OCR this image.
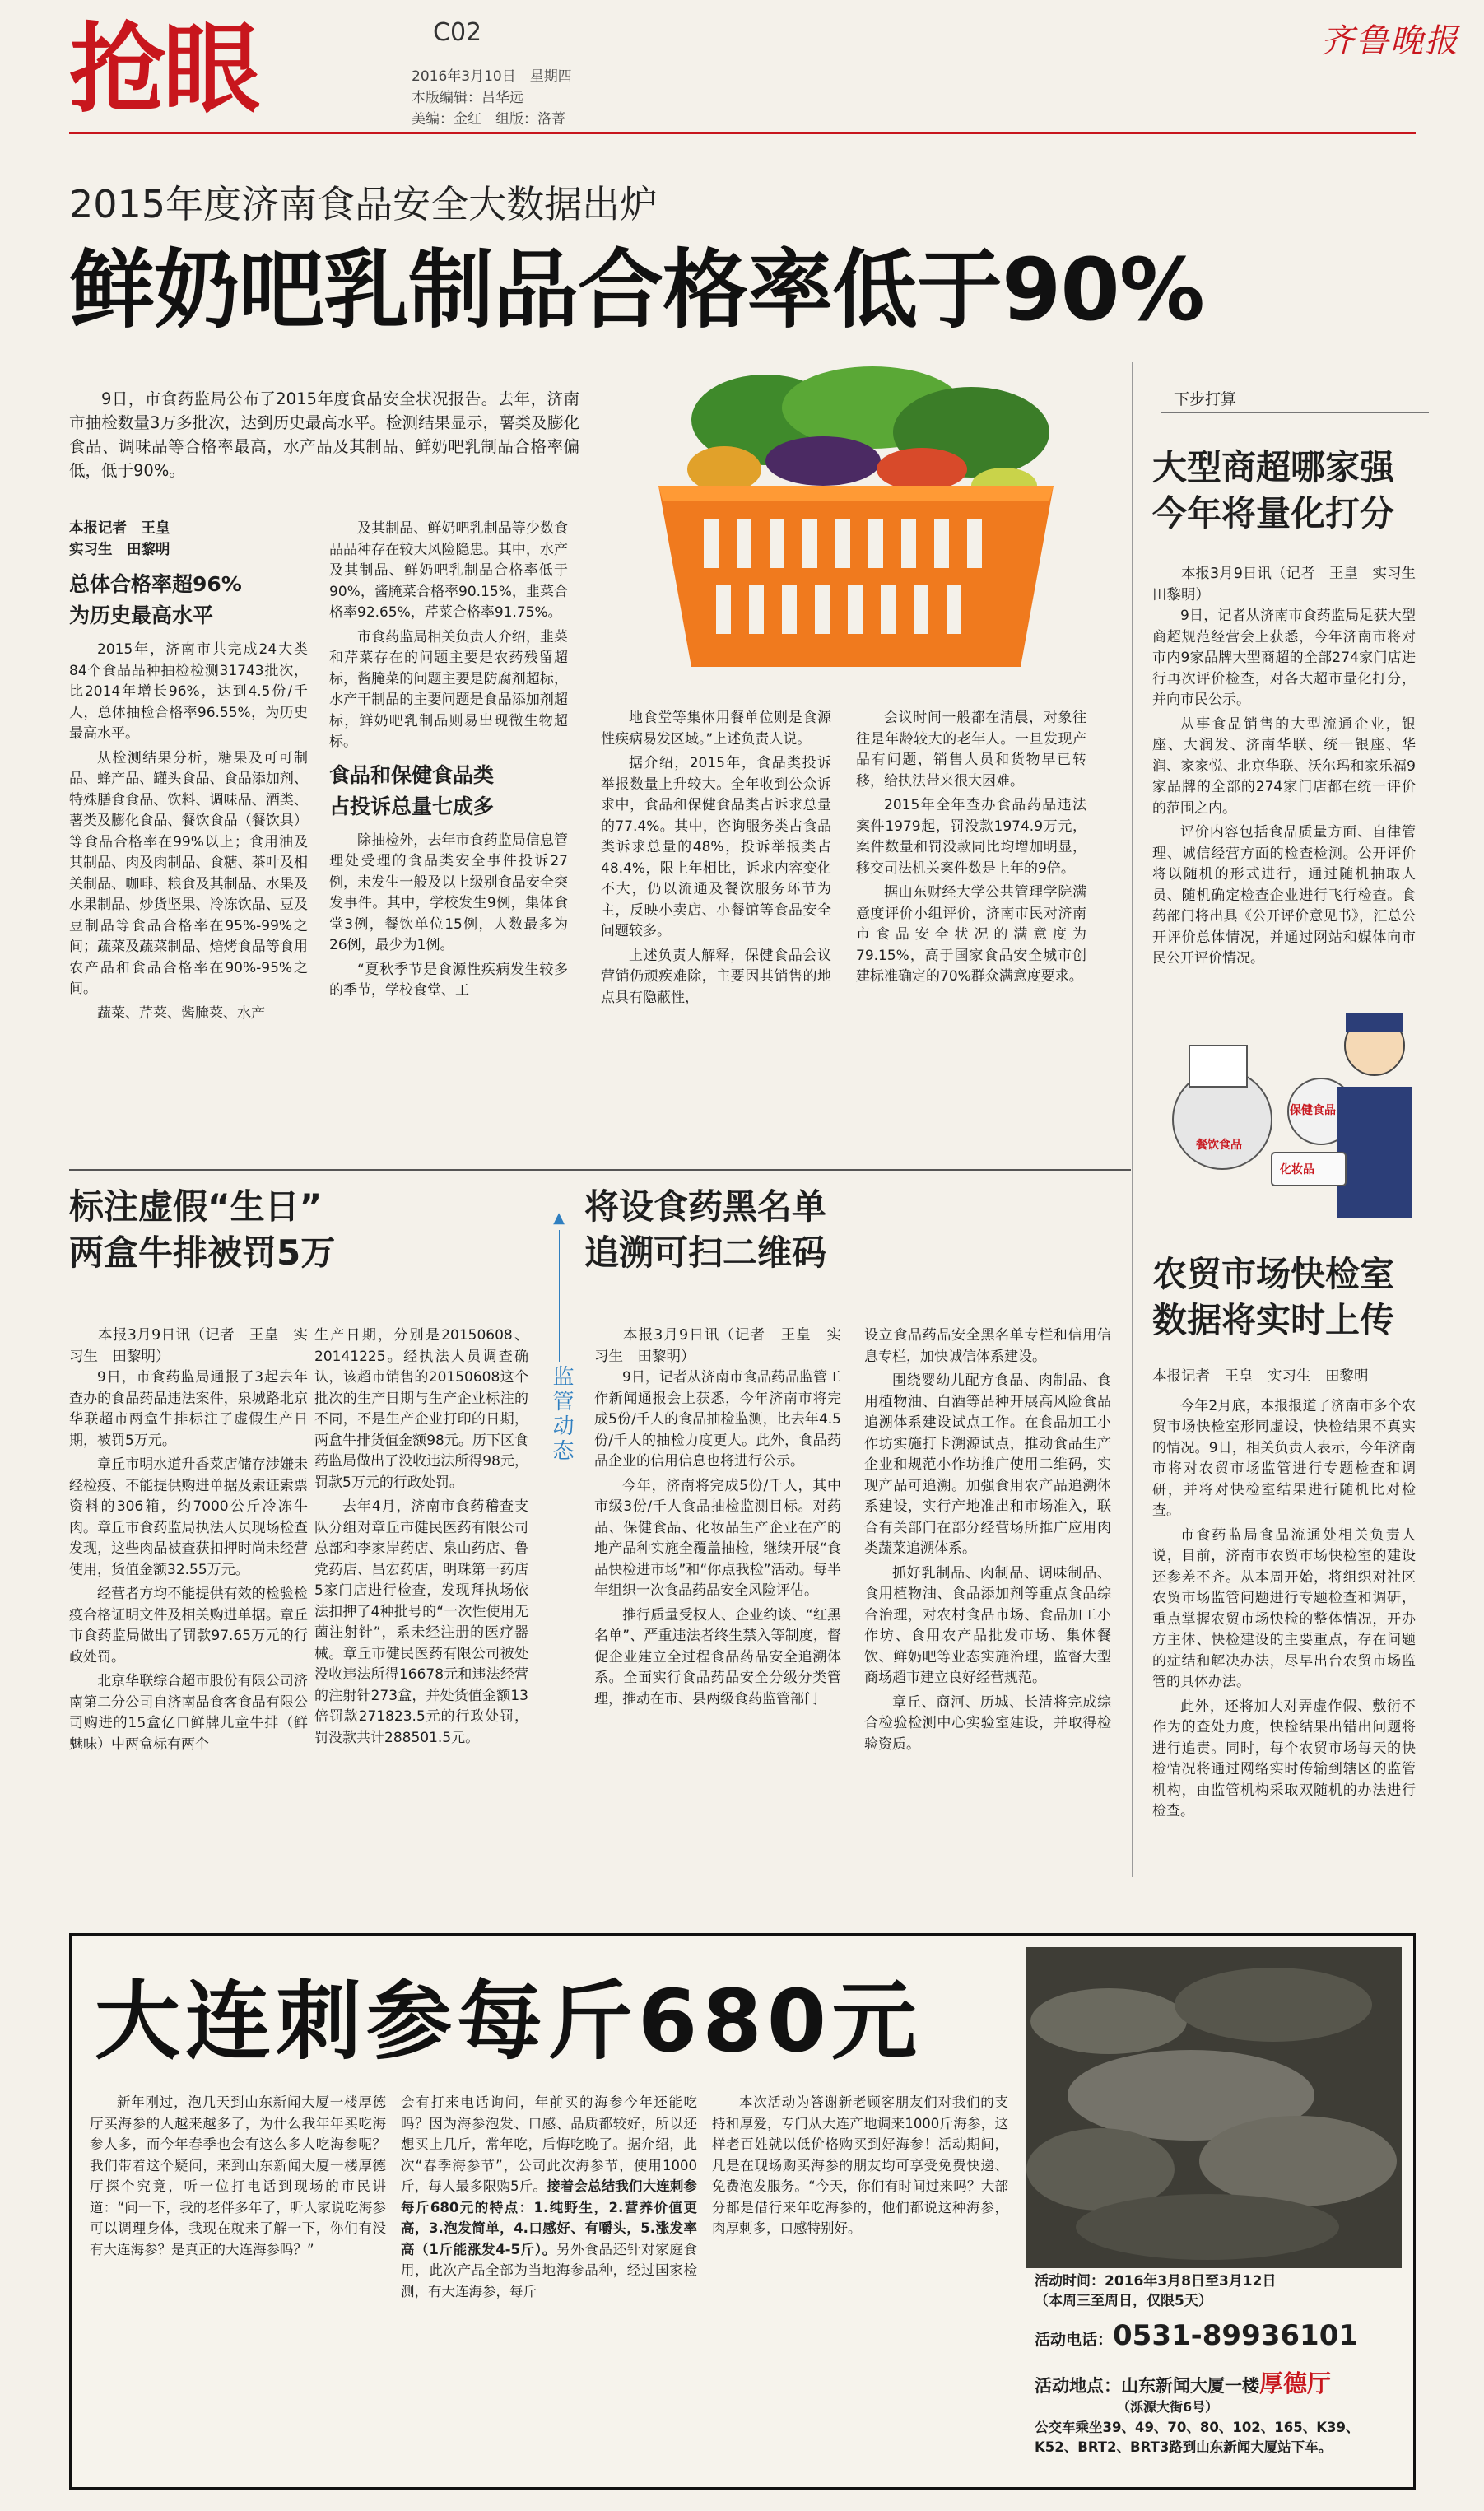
抢眼	C02
2016年3月10日　星期四
本版编辑：吕华远
美编：金红　组版：洛菁
齐鲁晚报
2015年度济南食品安全大数据出炉
鲜奶吧乳制品合格率低于90%

9日，市食药监局公布了2015年度食品安全状况报告。去年，济南市抽检数量3万多批次，达到历史最高水平。检测结果显示，薯类及膨化食品、调味品等合格率最高，水产品及其制品、鲜奶吧乳制品合格率偏低，低于90%。

本报记者　王皇
实习生　田黎明

总体合格率超96%
为历史最高水平

2015年，济南市共完成24大类84个食品品种抽检检测31743批次，比2014年增长96%，达到4.5份/千人，总体抽检合格率96.55%，为历史最高水平。

从检测结果分析，糖果及可可制品、蜂产品、罐头食品、食品添加剂、特殊膳食食品、饮料、调味品、酒类、薯类及膨化食品、餐饮食品（餐饮具）等食品合格率在99%以上；食用油及其制品、肉及肉制品、食糖、茶叶及相关制品、咖啡、粮食及其制品、水果及水果制品、炒货坚果、冷冻饮品、豆及豆制品等食品合格率在95%-99%之间；蔬菜及蔬菜制品、焙烤食品等食用农产品和食品合格率在90%-95%之间。

蔬菜、芹菜、酱腌菜、水产

及其制品、鲜奶吧乳制品等少数食品品种存在较大风险隐患。其中，水产及其制品、鲜奶吧乳制品合格率低于90%，酱腌菜合格率90.15%，韭菜合格率92.65%，芹菜合格率91.75%。

市食药监局相关负责人介绍，韭菜和芹菜存在的问题主要是农药残留超标，酱腌菜的问题主要是防腐剂超标，水产干制品的主要问题是食品添加剂超标，鲜奶吧乳制品则易出现微生物超标。

食品和保健食品类
占投诉总量七成多

除抽检外，去年市食药监局信息管理处受理的食品类安全事件投诉27例，未发生一般及以上级别食品安全突发事件。其中，学校发生9例，集体食堂3例，餐饮单位15例，人数最多为26例，最少为1例。

“夏秋季节是食源性疾病发生较多的季节，学校食堂、工

地食堂等集体用餐单位则是食源性疾病易发区域。”上述负责人说。

据介绍，2015年，食品类投诉举报数量上升较大。全年收到公众诉求中，食品和保健食品类占诉求总量的77.4%。其中，咨询服务类占食品类诉求总量的48%，投诉举报类占48.4%，限上年相比，诉求内容变化不大，仍以流通及餐饮服务环节为主，反映小卖店、小餐馆等食品安全问题较多。

上述负责人解释，保健食品会议营销仍顽疾难除，主要因其销售的地点具有隐蔽性，

会议时间一般都在清晨，对象往往是年龄较大的老年人。一旦发现产品有问题，销售人员和货物早已转移，给执法带来很大困难。

2015年全年查办食品药品违法案件1979起，罚没款1974.9万元，案件数量和罚没款同比均增加明显，移交司法机关案件数是上年的9倍。

据山东财经大学公共管理学院满意度评价小组评价，济南市民对济南市食品安全状况的满意度为79.15%，高于国家食品安全城市创建标准确定的70%群众满意度要求。

下步打算
大型商超哪家强
今年将量化打分

本报3月9日讯（记者　王皇　实习生　田黎明）

9日，记者从济南市食药监局足获大型商超规范经营会上获悉，今年济南市将对市内9家品牌大型商超的全部274家门店进行再次评价检查，对各大超市量化打分，并向市民公示。

从事食品销售的大型流通企业，银座、大润发、济南华联、统一银座、华润、家家悦、北京华联、沃尔玛和家乐福9家品牌的全部的274家门店都在统一评价的范围之内。

评价内容包括食品质量方面、自律管理、诚信经营方面的检查检测。公开评价将以随机的形式进行，通过随机抽取人员、随机确定检查企业进行飞行检查。食药部门将出具《公开评价意见书》，汇总公开评价总体情况，并通过网站和媒体向市民公开评价情况。

保健食品
餐饮食品
化妆品
农贸市场快检室
数据将实时上传

本报记者　王皇　实习生　田黎明

今年2月底，本报报道了济南市多个农贸市场快检室形同虚设，快检结果不真实的情况。9日，相关负责人表示，今年济南市将对农贸市场监管进行专题检查和调研，并将对快检室结果进行随机比对检查。

市食药监局食品流通处相关负责人说，目前，济南市农贸市场快检室的建设还参差不齐。从本周开始，将组织对社区农贸市场监管问题进行专题检查和调研，重点掌握农贸市场快检的整体情况，开办方主体、快检建设的主要重点，存在问题的症结和解决办法，尽早出台农贸市场监管的具体办法。

此外，还将加大对弄虚作假、敷衍不作为的查处力度，快检结果出错出问题将进行追责。同时，每个农贸市场每天的快检情况将通过网络实时传输到辖区的监管机构，由监管机构采取双随机的办法进行检查。

标注虚假“生日”
两盒牛排被罚5万

本报3月9日讯（记者　王皇　实习生　田黎明）

9日，市食药监局通报了3起去年查办的食品药品违法案件，泉城路北京华联超市两盒牛排标注了虚假生产日期，被罚5万元。

章丘市明水道升香菜店储存涉嫌未经检疫、不能提供购进单据及索证索票资料的306箱，约7000公斤冷冻牛肉。章丘市食药监局执法人员现场检查发现，这些肉品被查获扣押时尚未经营使用，货值金额32.55万元。

经营者方均不能提供有效的检验检疫合格证明文件及相关购进单据。章丘市食药监局做出了罚款97.65万元的行政处罚。

北京华联综合超市股份有限公司济南第二分公司自济南品食客食品有限公司购进的15盒亿口鲜牌儿童牛排（鲜魅味）中两盒标有两个

生产日期，分别是20150608、20141225。经执法人员调查确认，该超市销售的20150608这个批次的生产日期与生产企业标注的不同，不是生产企业打印的日期，两盒牛排货值金额98元。历下区食药监局做出了没收违法所得98元，罚款5万元的行政处罚。

去年4月，济南市食药稽查支队分组对章丘市健民医药有限公司总部和李家岸药店、泉山药店、鲁党药店、昌宏药店，明珠第一药店5家门店进行检查，发现拜执场依法扣押了4种批号的“一次性使用无菌注射针”，系未经注册的医疗器械。章丘市健民医药有限公司被处没收违法所得16678元和违法经营的注射针273盒，并处货值金额13倍罚款271823.5元的行政处罚，罚没款共计288501.5元。

▲
监管动态
将设食药黑名单
追溯可扫二维码

本报3月9日讯（记者　王皇　实习生　田黎明）

9日，记者从济南市食品药品监管工作新闻通报会上获悉，今年济南市将完成5份/千人的食品抽检监测，比去年4.5份/千人的抽检力度更大。此外，食品药品企业的信用信息也将进行公示。

今年，济南将完成5份/千人，其中市级3份/千人食品抽检监测目标。对药品、保健食品、化妆品生产企业在产的地产品种实施全覆盖抽检，继续开展“食品快检进市场”和“你点我检”活动。每半年组织一次食品药品安全风险评估。

推行质量受权人、企业约谈、“红黑名单”、严重违法者终生禁入等制度，督促企业建立全过程食品药品安全追溯体系。全面实行食品药品安全分级分类管理，推动在市、县两级食药监管部门

设立食品药品安全黑名单专栏和信用信息专栏，加快诚信体系建设。

围绕婴幼儿配方食品、肉制品、食用植物油、白酒等品种开展高风险食品追溯体系建设试点工作。在食品加工小作坊实施打卡溯源试点，推动食品生产企业和规范小作坊推广使用二维码，实现产品可追溯。加强食用农产品追溯体系建设，实行产地准出和市场准入，联合有关部门在部分经营场所推广应用肉类蔬菜追溯体系。

抓好乳制品、肉制品、调味制品、食用植物油、食品添加剂等重点食品综合治理，对农村食品市场、食品加工小作坊、食用农产品批发市场、集体餐饮、鲜奶吧等业态实施治理，监督大型商场超市建立良好经营规范。

章丘、商河、历城、长清将完成综合检验检测中心实验室建设，并取得检验资质。

大连刺参每斤680元
新年刚过，泡几天到山东新闻大厦一楼厚德厅买海参的人越来越多了，为什么我年年买吃海参人多，而今年春季也会有这么多人吃海参呢？我们带着这个疑问，来到山东新闻大厦一楼厚德厅探个究竟，听一位打电话到现场的市民讲道：“问一下，我的老伴多年了，听人家说吃海参可以调理身体，我现在就来了解一下，你们有没有大连海参？是真正的大连海参吗？”
会有打来电话询问，年前买的海参今年还能吃吗？因为海参泡发、口感、品质都较好，所以还想买上几斤，常年吃，后悔吃晚了。据介绍，此次“春季海参节”，公司此次海参节，使用1000斤，每人最多限购5斤。接着会总结我们大连刺参每斤680元的特点：1.纯野生，2.营养价值更高，3.泡发简单，4.口感好、有嚼头，5.涨发率高（1斤能涨发4-5斤）。另外食品还针对家庭食用，此次产品全部为当地海参品种，经过国家检测，有大连海参，每斤
本次活动为答谢新老顾客朋友们对我们的支持和厚爱，专门从大连产地调来1000斤海参，这样老百姓就以低价格购买到好海参！活动期间，凡是在现场购买海参的朋友均可享受免费快递、免费泡发服务。“今天，你们有时间过来吗？大部分都是借行来年吃海参的，他们都说这种海参，肉厚刺多，口感特别好。
活动时间：2016年3月8日至3月12日
（本周三至周日，仅限5天）
活动电话：0531-89936101
活动地点：山东新闻大厦一楼厚德厅
（泺源大街6号）
公交车乘坐39、49、70、80、102、165、K39、K52、BRT2、BRT3路到山东新闻大厦站下车。
